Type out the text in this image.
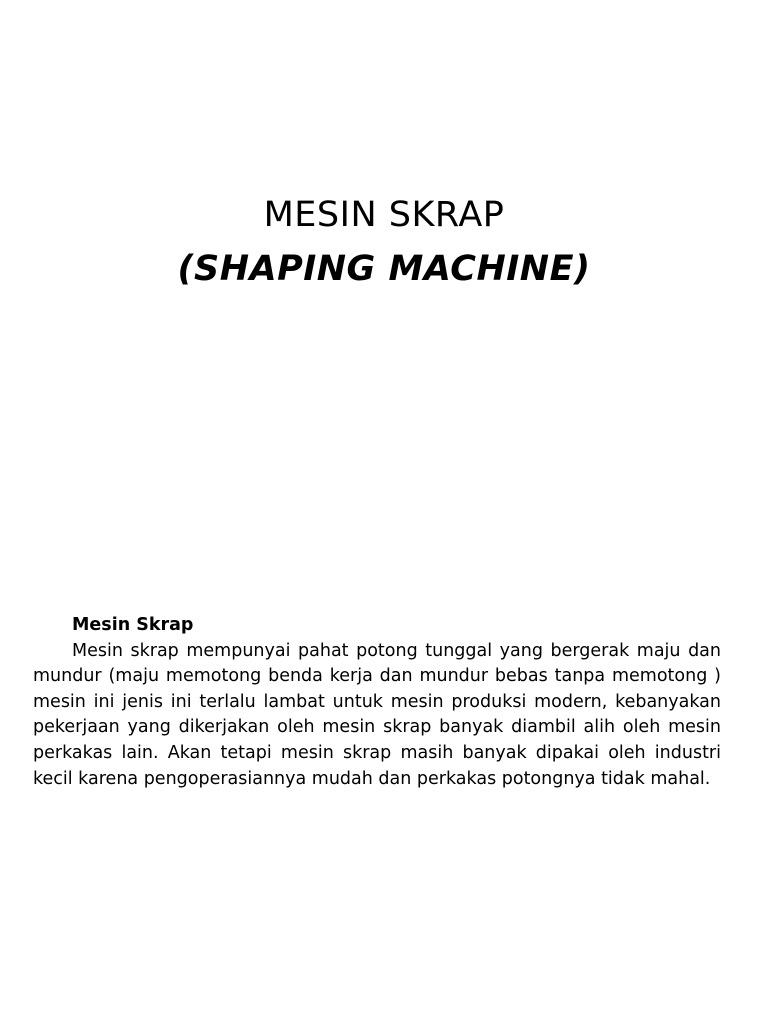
MESIN SKRAP
(SHAPING MACHINE)

Mesin Skrap

Mesin skrap mempunyai pahat potong tunggal yang bergerak maju dan mundur (maju memotong benda kerja dan mundur bebas tanpa memotong ) mesin ini jenis ini terlalu lambat untuk mesin produksi modern, kebanyakan pekerjaan yang dikerjakan oleh mesin skrap banyak diambil alih oleh mesin perkakas lain. Akan tetapi mesin skrap masih banyak dipakai oleh industri kecil karena pengoperasiannya mudah dan perkakas potongnya tidak mahal.
